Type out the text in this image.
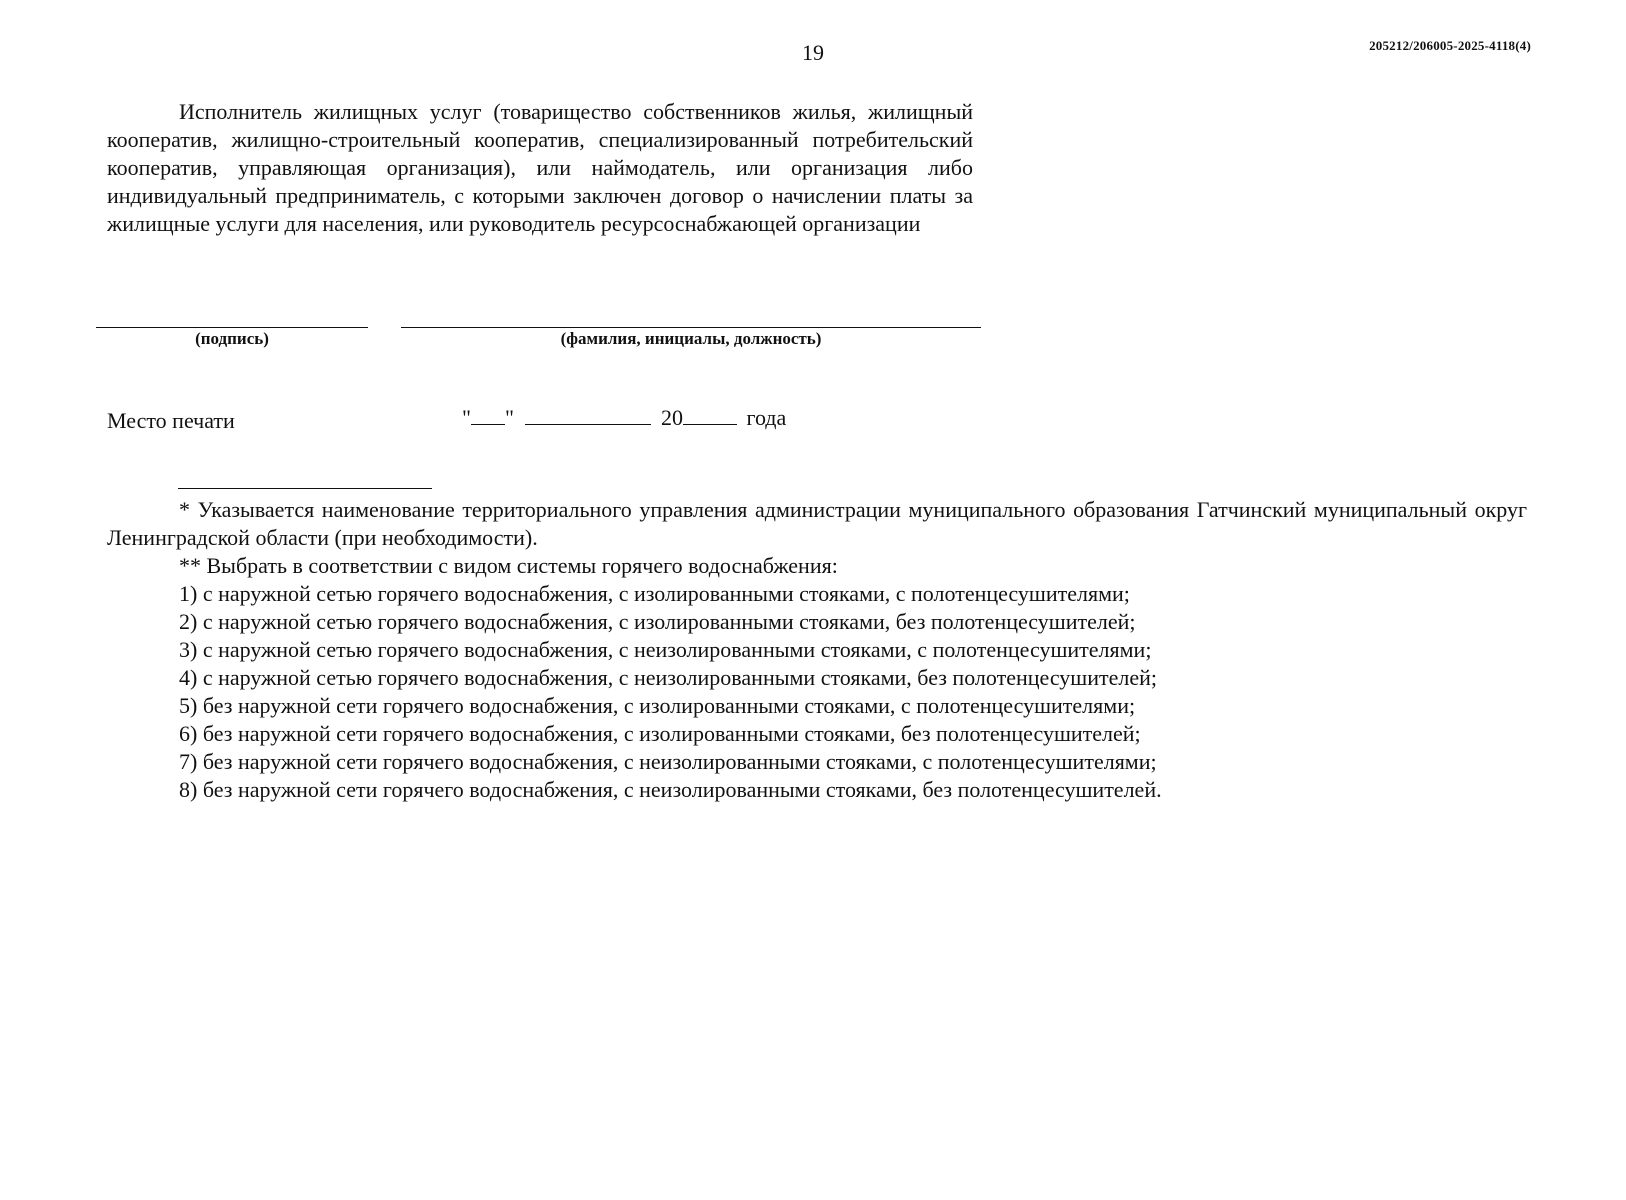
19	205212/206005-2025-4118(4)

Исполнитель жилищных услуг (товарищество собственников жилья, жилищный кооператив, жилищно-строительный кооператив, специализированный потребительский кооператив, управляющая организация), или наймодатель, или организация либо индивидуальный предприниматель, с которыми заключен договор о начислении платы за жилищные услуги для населения, или руководитель ресурсоснабжающей организации

(подпись)	(фамилия, инициалы, должность)
Место печати	" "	20	года

* Указывается наименование территориального управления администрации муниципального образования Гатчинский муниципальный округ Ленинградской области (при необходимости).

** Выбрать в соответствии с видом системы горячего водоснабжения:

1) с наружной сетью горячего водоснабжения, с изолированными стояками, с полотенцесушителями;

2) с наружной сетью горячего водоснабжения, с изолированными стояками, без полотенцесушителей;

3) с наружной сетью горячего водоснабжения, с неизолированными стояками, с полотенцесушителями;

4) с наружной сетью горячего водоснабжения, с неизолированными стояками, без полотенцесушителей;

5) без наружной сети горячего водоснабжения, с изолированными стояками, с полотенцесушителями;

6) без наружной сети горячего водоснабжения, с изолированными стояками, без полотенцесушителей;

7) без наружной сети горячего водоснабжения, с неизолированными стояками, с полотенцесушителями;

8) без наружной сети горячего водоснабжения, с неизолированными стояками, без полотенцесушителей.
